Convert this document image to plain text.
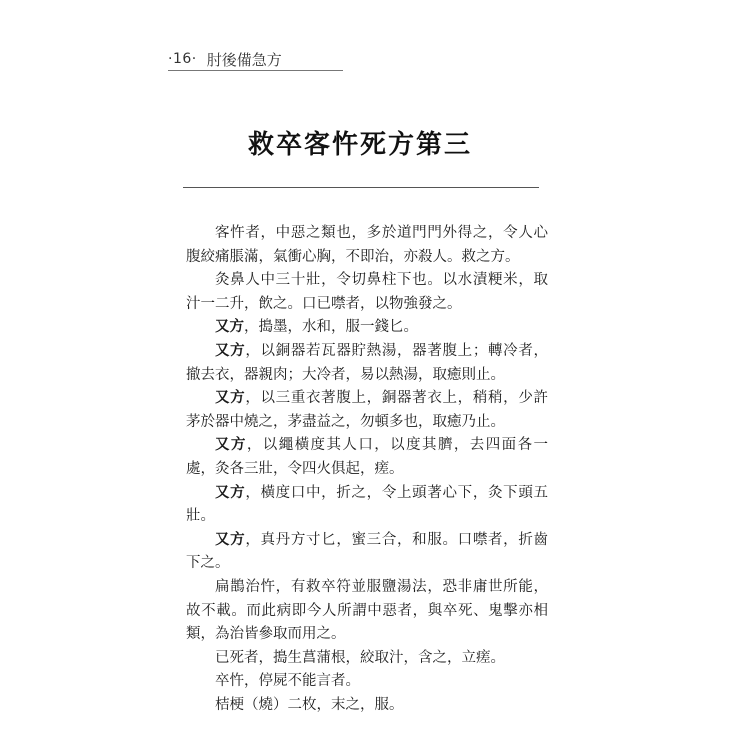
·16· 肘後備急方
救卒客忤死方第三

客忤者，中惡之類也，多於道門門外得之，令人心腹絞痛脹滿，氣衝心胸，不即治，亦殺人。救之方。

灸鼻人中三十壯，令切鼻柱下也。以水漬粳米，取汁一二升，飲之。口已噤者，以物強發之。

又方，搗墨，水和，服一錢匕。

又方，以銅器若瓦器貯熱湯，器著腹上；轉冷者，撤去衣，器親肉；大冷者，易以熱湯，取癒則止。

又方，以三重衣著腹上，銅器著衣上，稍稍，少許茅於器中燒之，茅盡益之，勿頓多也，取癒乃止。

又方，以繩橫度其人口，以度其臍，去四面各一處，灸各三壯，令四火俱起，瘥。

又方，橫度口中，折之，令上頭著心下，灸下頭五壯。

又方，真丹方寸匕，蜜三合，和服。口噤者，折齒下之。

扁鵲治忤，有救卒符並服鹽湯法，恐非庸世所能，故不載。而此病即今人所謂中惡者，與卒死、鬼擊亦相類，為治皆參取而用之。

已死者，搗生菖蒲根，絞取汁，含之，立瘥。

卒忤，停屍不能言者。

桔梗（燒）二枚，末之，服。
